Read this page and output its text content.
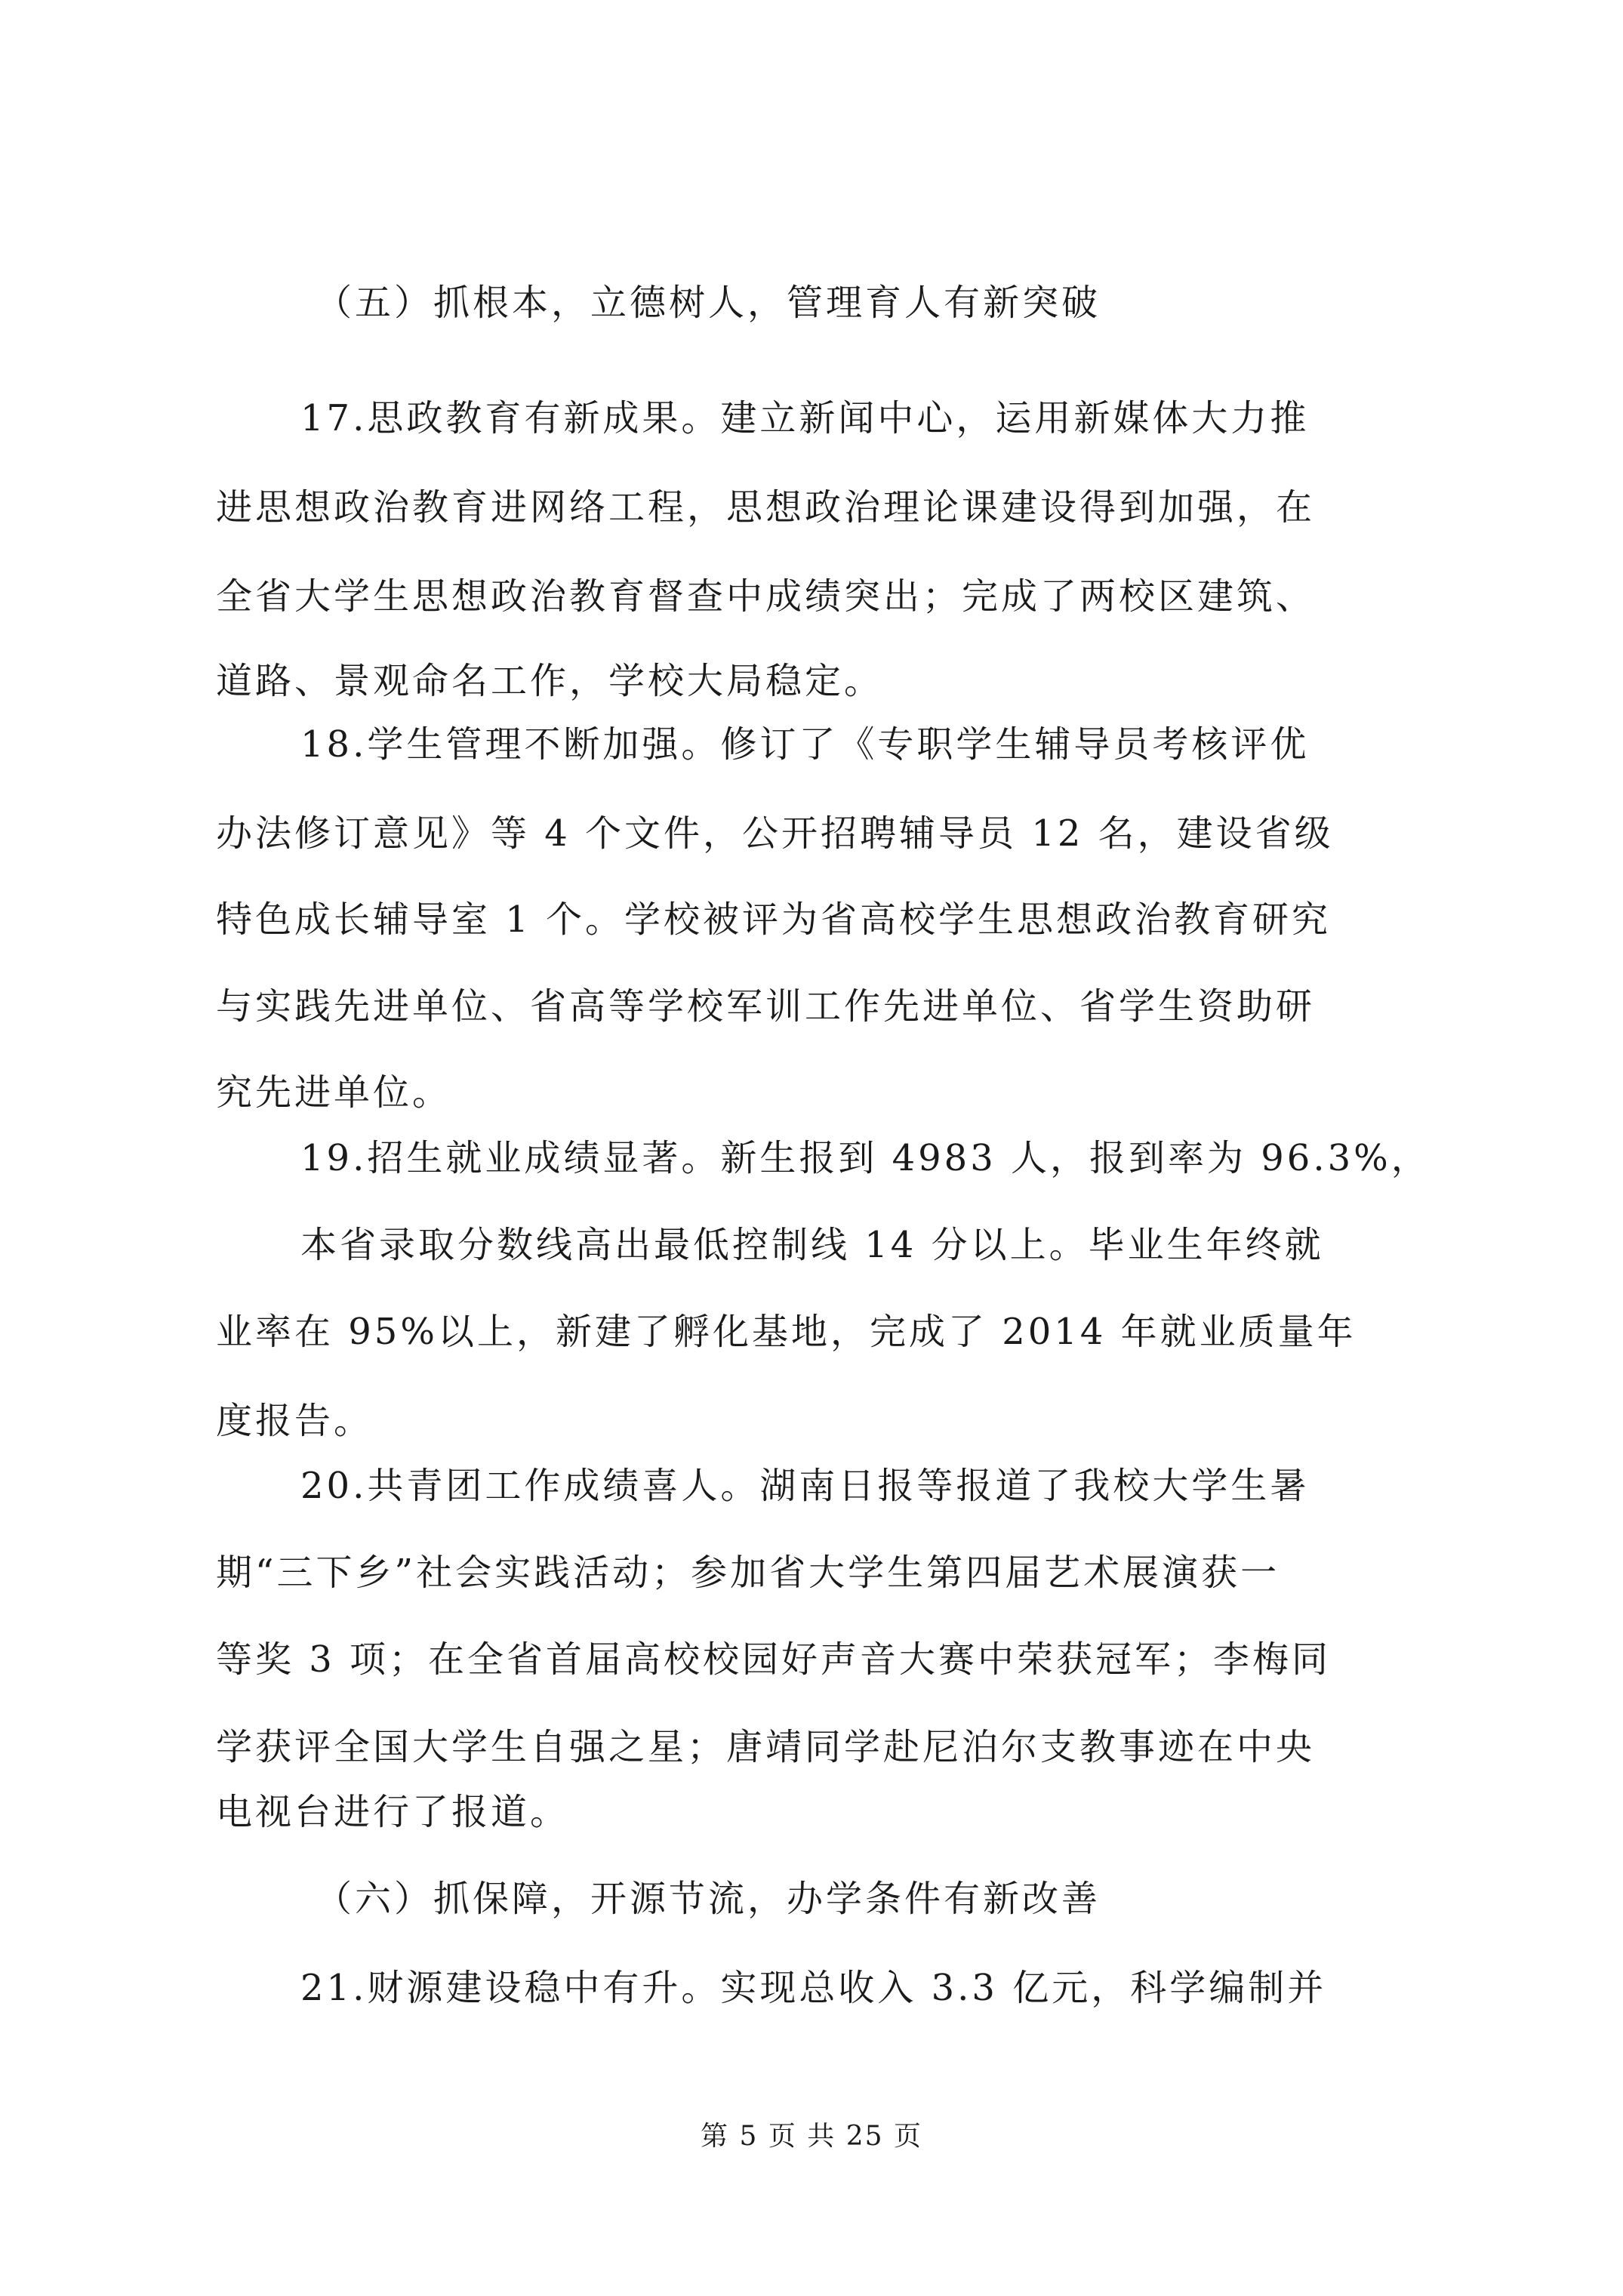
（五）抓根本，立德树人，管理育人有新突破
17.思政教育有新成果。建立新闻中心，运用新媒体大力推
进思想政治教育进网络工程，思想政治理论课建设得到加强，在
全省大学生思想政治教育督查中成绩突出；完成了两校区建筑、
道路、景观命名工作，学校大局稳定。
18.学生管理不断加强。修订了《专职学生辅导员考核评优
办法修订意见》等 4 个文件，公开招聘辅导员 12 名，建设省级
特色成长辅导室 1 个。学校被评为省高校学生思想政治教育研究
与实践先进单位、省高等学校军训工作先进单位、省学生资助研
究先进单位。
19.招生就业成绩显著。新生报到 4983 人，报到率为 96.3%，
本省录取分数线高出最低控制线 14 分以上。毕业生年终就
业率在 95%以上，新建了孵化基地，完成了 2014 年就业质量年
度报告。
20.共青团工作成绩喜人。湖南日报等报道了我校大学生暑
期“三下乡”社会实践活动；参加省大学生第四届艺术展演获一
等奖 3 项；在全省首届高校校园好声音大赛中荣获冠军；李梅同
学获评全国大学生自强之星；唐靖同学赴尼泊尔支教事迹在中央
电视台进行了报道。
（六）抓保障，开源节流，办学条件有新改善
21.财源建设稳中有升。实现总收入 3.3 亿元，科学编制并
第 5 页 共 25 页
